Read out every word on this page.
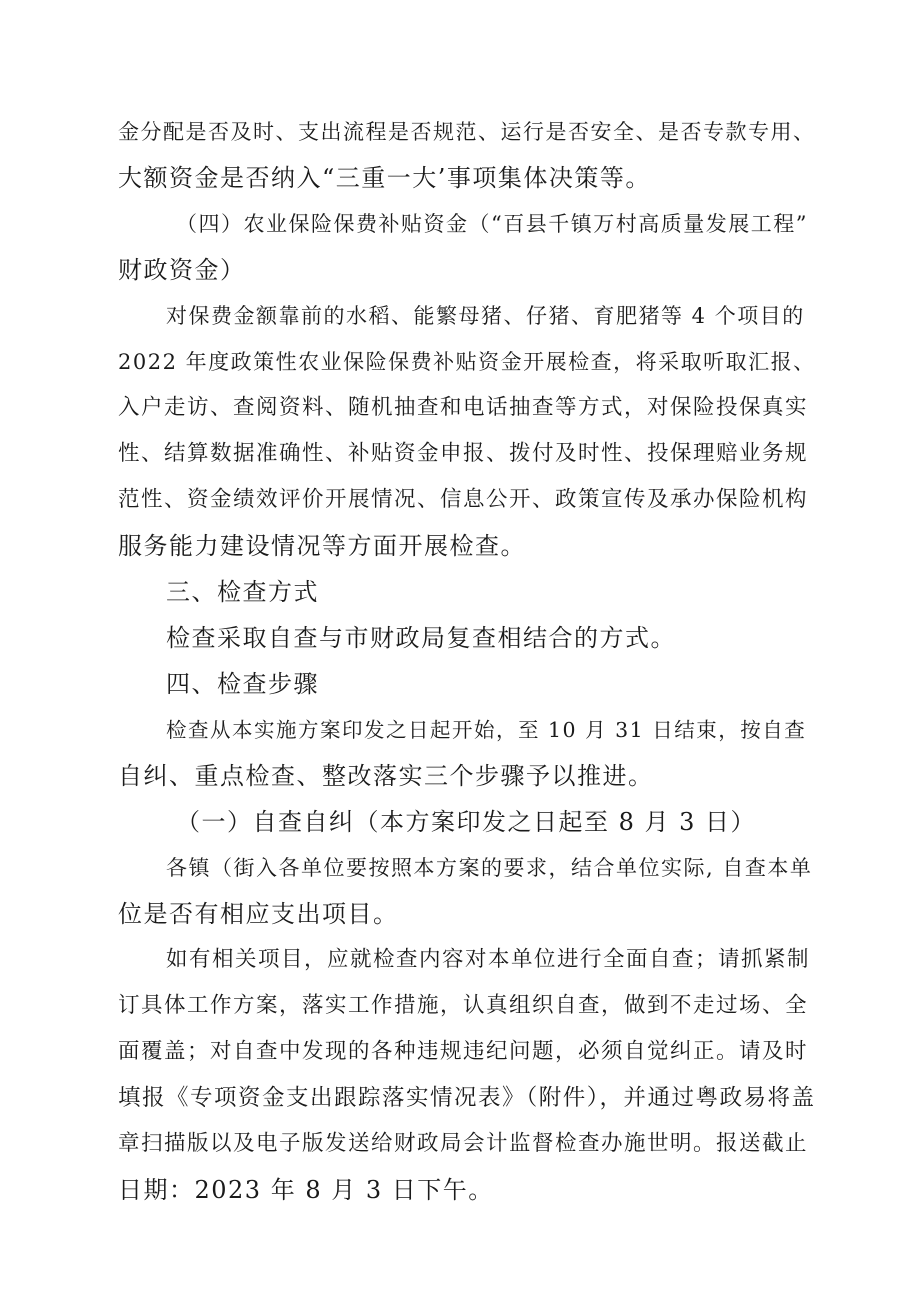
金分配是否及时、支出流程是否规范、运行是否安全、是否专款专用、
大额资金是否纳入“三重一大’事项集体决策等。
（四）农业保险保费补贴资金（“百县千镇万村高质量发展工程”
财政资金）
对保费金额靠前的水稻、能繁母猪、仔猪、育肥猪等 4 个项目的
2022 年度政策性农业保险保费补贴资金开展检查，将采取听取汇报、
入户走访、查阅资料、随机抽查和电话抽查等方式，对保险投保真实
性、结算数据准确性、补贴资金申报、拨付及时性、投保理赔业务规
范性、资金绩效评价开展情况、信息公开、政策宣传及承办保险机构
服务能力建设情况等方面开展检查。
三、检查方式
检查采取自查与市财政局复查相结合的方式。
四、检查步骤
检查从本实施方案印发之日起开始，至 10 月 31 日结束，按自查
自纠、重点检查、整改落实三个步骤予以推进。
（一）自查自纠（本方案印发之日起至 8 月 3 日）
各镇（街入各单位要按照本方案的要求，结合单位实际, 自查本单
位是否有相应支出项目。
如有相关项目，应就检查内容对本单位进行全面自查；请抓紧制
订具体工作方案，落实工作措施，认真组织自查，做到不走过场、全
面覆盖；对自查中发现的各种违规违纪问题，必须自觉纠正。请及时
填报《专项资金支出跟踪落实情况表》（附件），并通过粤政易将盖
章扫描版以及电子版发送给财政局会计监督检查办施世明。报送截止
日期：2023 年 8 月 3 日下午。
